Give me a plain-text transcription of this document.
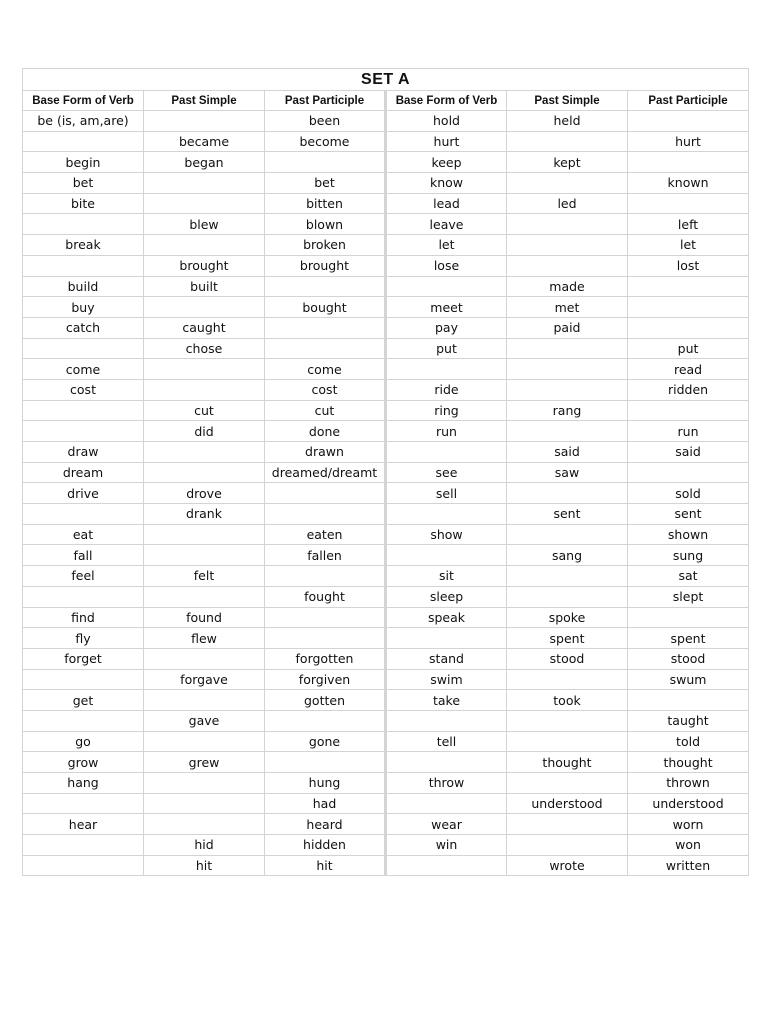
SET A					
Base Form of Verb	Past Simple	Past Participle	Base Form of Verb	Past Simple	Past Participle
be (is, am,are)		been	hold	held	
	became	become	hurt		hurt
begin	began		keep	kept	
bet		bet	know		known
bite		bitten	lead	led	
	blew	blown	leave		left
break		broken	let		let
	brought	brought	lose		lost
build	built			made	
buy		bought	meet	met	
catch	caught		pay	paid	
	chose		put		put
come		come			read
cost		cost	ride		ridden
	cut	cut	ring	rang	
	did	done	run		run
draw		drawn		said	said
dream		dreamed/dreamt	see	saw	
drive	drove		sell		sold
	drank			sent	sent
eat		eaten	show		shown
fall		fallen		sang	sung
feel	felt		sit		sat
		fought	sleep		slept
find	found		speak	spoke	
fly	flew			spent	spent
forget		forgotten	stand	stood	stood
	forgave	forgiven	swim		swum
get		gotten	take	took	
	gave				taught
go		gone	tell		told
grow	grew			thought	thought
hang		hung	throw		thrown
		had		understood	understood
hear		heard	wear		worn
	hid	hidden	win		won
	hit	hit		wrote	written
